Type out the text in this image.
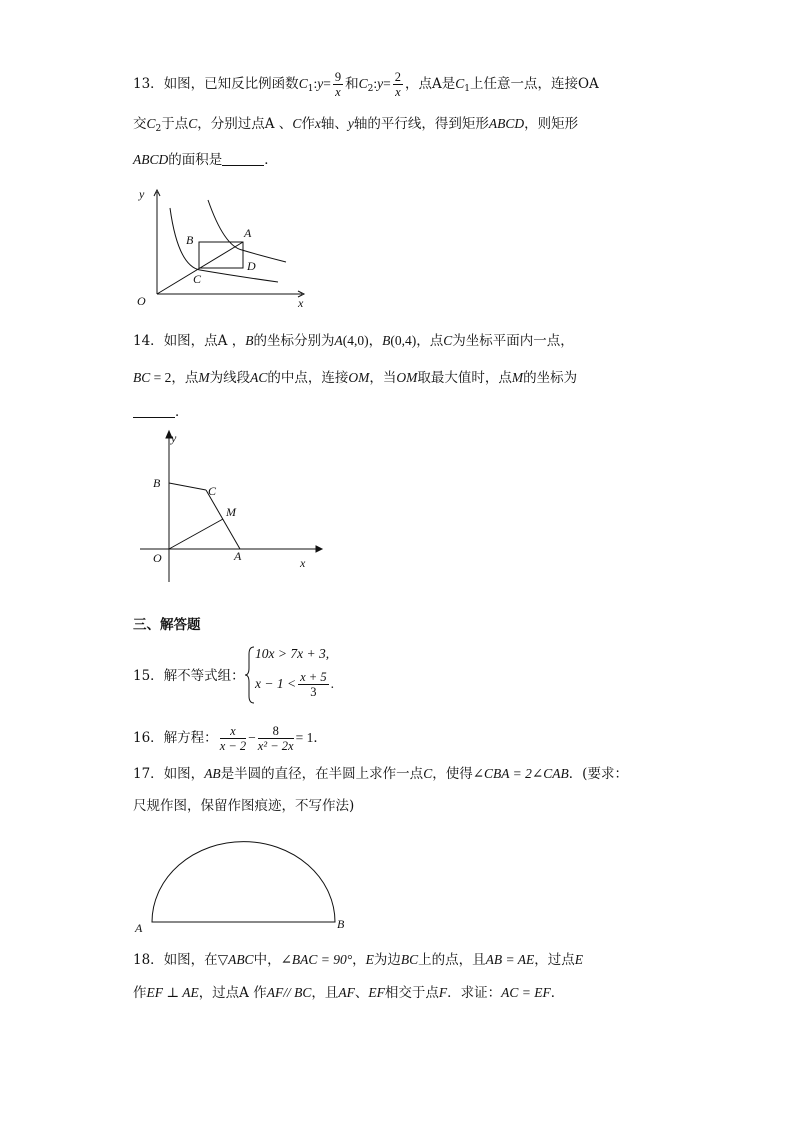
13．如图，已知反比例函数$C_1:y= \frac{9}{x}$ 和$C_2:y= \frac{2}{x}$ ，点A是$C_1$上任意一点，连接OA
交$C_2$于点C，分别过点A 、C作x轴、y轴的平行线，得到矩形ABCD，则矩形
ABCD的面积是	．
y
x
O
A
B
C
D
14．如图，点A ，B的坐标分别为A(4,0)，B(0,4)，点C为坐标平面内一点，
BC = 2，点M为线段AC的中点，连接OM，当OM取最大值时，点M的坐标为
．
y
x
O	A
B
C
M
三、解答题
15．解不等式组：
10x > 7x + 3,
$x - 1 < \frac{x + 5}{3}$ .
16．解方程： $\frac{x}{x - 2} - \frac{8}{\text{x² − 2x}} = 1$．
17．如图，AB是半圆的直径，在半圆上求作一点C，使得∠CBA = 2∠CAB．(要求：
尺规作图，保留作图痕迹，不写作法)
A	B
18．如图，在▽ABC中，∠BAC = 90°，E为边BC上的点，且AB = AE，过点E
作EF ⊥ AE，过点A 作AF// BC，且AF、EF相交于点F．求证：AC = EF．
